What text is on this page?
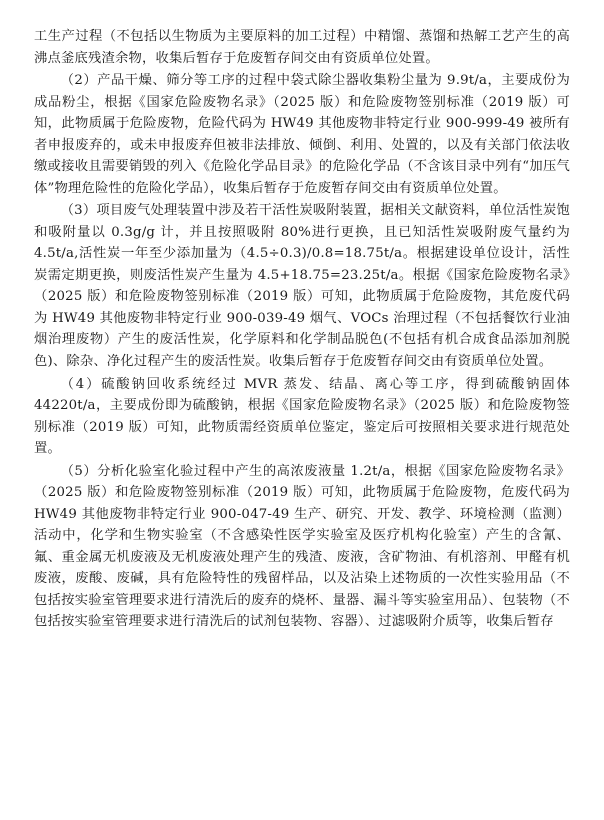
工生产过程（不包括以生物质为主要原料的加工过程）中精馏、蒸馏和热解工艺产生的高沸点釜底残渣余物，收集后暂存于危废暂存间交由有资质单位处置。

（2）产品干燥、筛分等工序的过程中袋式除尘器收集粉尘量为 9.9t/a，主要成份为成品粉尘，根据《国家危险废物名录》（2025 版）和危险废物签别标准（2019 版）可知，此物质属于危险废物，危险代码为 HW49 其他废物非特定行业 900-999-49 被所有者申报废弃的，或未申报废弃但被非法排放、倾倒、利用、处置的，以及有关部门依法收缴或接收且需要销毁的列入《危险化学品目录》的危险化学品（不含该目录中列有“加压气体”物理危险性的危险化学品），收集后暂存于危废暂存间交由有资质单位处置。

（3）项目废气处理装置中涉及若干活性炭吸附装置，据相关文献资料，单位活性炭饱和吸附量以 0.3g/g 计，并且按照吸附 80%进行更换，且已知活性炭吸附废气量约为 4.5t/a,活性炭一年至少添加量为（4.5÷0.3)/0.8=18.75t/a。根据建设单位设计，活性炭需定期更换，则废活性炭产生量为 4.5+18.75=23.25t/a。根据《国家危险废物名录》（2025 版）和危险废物签别标准（2019 版）可知，此物质属于危险废物，其危废代码为 HW49 其他废物非特定行业 900-039-49 烟气、VOCs 治理过程（不包括餐饮行业油烟治理废物）产生的废活性炭，化学原料和化学制品脱色(不包括有机合成食品添加剂脱色)、除杂、净化过程产生的废活性炭。收集后暂存于危废暂存间交由有资质单位处置。

（4）硫酸钠回收系统经过 MVR 蒸发、结晶、离心等工序，得到硫酸钠固体 44220t/a，主要成份即为硫酸钠，根据《国家危险废物名录》（2025 版）和危险废物签别标准（2019 版）可知，此物质需经资质单位鉴定，鉴定后可按照相关要求进行规范处置。

（5）分析化验室化验过程中产生的高浓废液量 1.2t/a，根据《国家危险废物名录》（2025 版）和危险废物签别标准（2019 版）可知，此物质属于危险废物，危废代码为 HW49 其他废物非特定行业 900-047-49 生产、研究、开发、教学、环境检测（监测）活动中，化学和生物实验室（不含感染性医学实验室及医疗机构化验室）产生的含氰、氟、重金属无机废液及无机废液处理产生的残渣、废液，含矿物油、有机溶剂、甲醛有机废液，废酸、废碱，具有危险特性的残留样品，以及沾染上述物质的一次性实验用品（不包括按实验室管理要求进行清洗后的废弃的烧杯、量器、漏斗等实验室用品）、包装物（不包括按实验室管理要求进行清洗后的试剂包装物、容器）、过滤吸附介质等，收集后暂存
